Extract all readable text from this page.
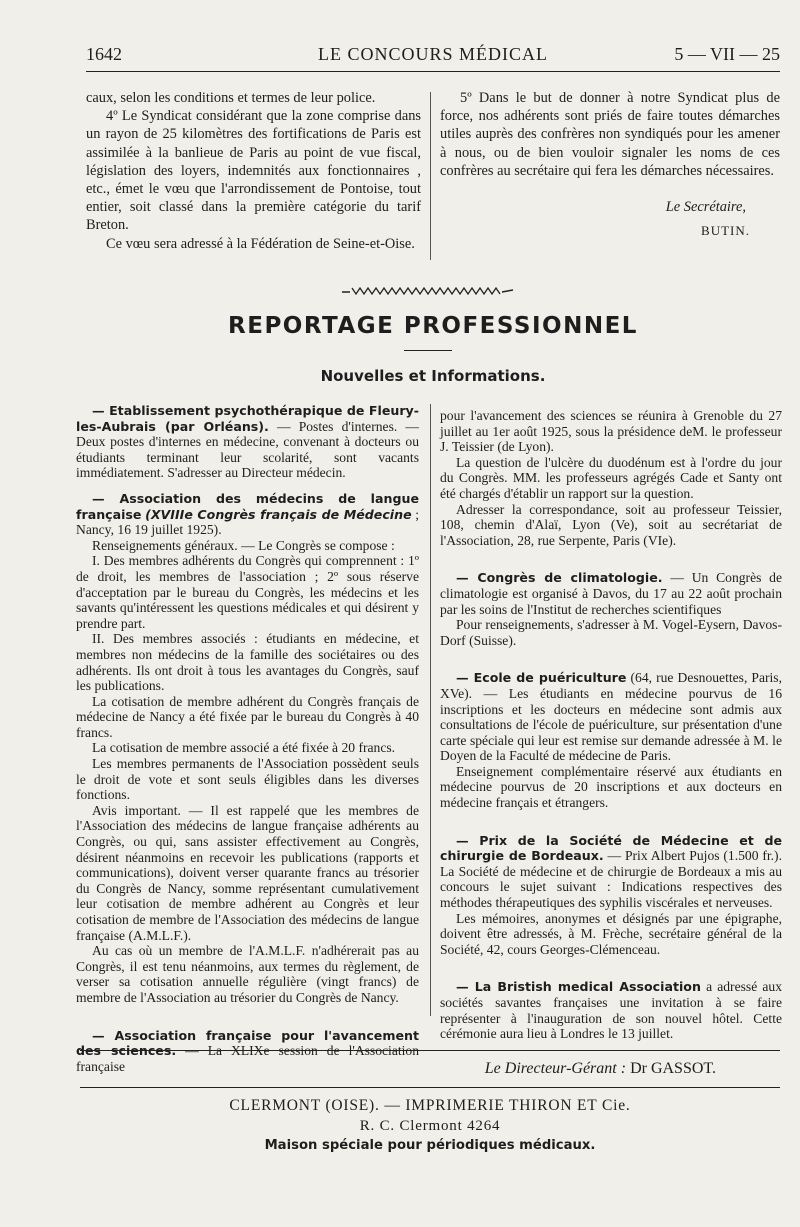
1642	LE CONCOURS MÉDICAL	5 — VII — 25

caux, selon les conditions et termes de leur police.

4º Le Syndicat considérant que la zone comprise dans un rayon de 25 kilomètres des fortifications de Paris est assimilée à la banlieue de Paris au point de vue fiscal, législation des loyers, indemnités aux fonctionnaires , etc., émet le vœu que l'arrondissement de Pontoise, tout entier, soit classé dans la première catégorie du tarif Breton.

Ce vœu sera adressé à la Fédération de Seine-et-Oise.

5º Dans le but de donner à notre Syndicat plus de force, nos adhérents sont priés de faire toutes démarches utiles auprès des confrères non syndiqués pour les amener à nous, ou de bien vouloir signaler les noms de ces confrères au secrétaire qui fera les démarches nécessaires.

Le Secrétaire,
BUTIN.
REPORTAGE PROFESSIONNEL
Nouvelles et Informations.

— Etablissement psychothérapique de Fleury-les-Aubrais (par Orléans). — Postes d'internes. — Deux postes d'internes en médecine, convenant à docteurs ou étudiants terminant leur scolarité, sont vacants immédiatement. S'adresser au Directeur médecin.

— Association des médecins de langue française (XVIIIe Congrès français de Médecine ; Nancy, 16 19 juillet 1925).

Renseignements généraux. — Le Congrès se compose :

I. Des membres adhérents du Congrès qui comprennent : 1º de droit, les membres de l'association ; 2º sous réserve d'acceptation par le bureau du Congrès, les médecins et les savants qu'intéressent les questions médicales et qui désirent y prendre part.

II. Des membres associés : étudiants en médecine, et membres non médecins de la famille des sociétaires ou des adhérents. Ils ont droit à tous les avantages du Congrès, sauf les publications.

La cotisation de membre adhérent du Congrès français de médecine de Nancy a été fixée par le bureau du Congrès à 40 francs.

La cotisation de membre associé a été fixée à 20 francs.

Les membres permanents de l'Association possèdent seuls le droit de vote et sont seuls éligibles dans les diverses fonctions.

Avis important. — Il est rappelé que les membres de l'Association des médecins de langue française adhérents au Congrès, ou qui, sans assister effectivement au Congrès, désirent néanmoins en recevoir les publications (rapports et communications), doivent verser quarante francs au trésorier du Congrès de Nancy, somme représentant cumulativement leur cotisation de membre adhérent au Congrès et leur cotisation de membre de l'Association des médecins de langue française (A.M.L.F.).

Au cas où un membre de l'A.M.L.F. n'adhérerait pas au Congrès, il est tenu néanmoins, aux termes du règlement, de verser sa cotisation annuelle régulière (vingt francs) de membre de l'Association au trésorier du Congrès de Nancy.

— Association française pour l'avancement des sciences. — La XLIXe session de l'Association française

pour l'avancement des sciences se réunira à Grenoble du 27 juillet au 1er août 1925, sous la présidence deM. le professeur J. Teissier (de Lyon).

La question de l'ulcère du duodénum est à l'ordre du jour du Congrès. MM. les professeurs agrégés Cade et Santy ont été chargés d'établir un rapport sur la question.

Adresser la correspondance, soit au professeur Teissier, 108, chemin d'Alaï, Lyon (Ve), soit au secrétariat de l'Association, 28, rue Serpente, Paris (VIe).

— Congrès de climatologie. — Un Congrès de climatologie est organisé à Davos, du 17 au 22 août prochain par les soins de l'Institut de recherches scientifiques

Pour renseignements, s'adresser à M. Vogel-Eysern, Davos-Dorf (Suisse).

— Ecole de puériculture (64, rue Desnouettes, Paris, XVe). — Les étudiants en médecine pourvus de 16 inscriptions et les docteurs en médecine sont admis aux consultations de l'école de puériculture, sur présentation d'une carte spéciale qui leur est remise sur demande adressée à M. le Doyen de la Faculté de médecine de Paris.

Enseignement complémentaire réservé aux étudiants en médecine pourvus de 20 inscriptions et aux docteurs en médecine français et étrangers.

— Prix de la Société de Médecine et de chirurgie de Bordeaux. — Prix Albert Pujos (1.500 fr.). La Société de médecine et de chirurgie de Bordeaux a mis au concours le sujet suivant : Indications respectives des méthodes thérapeutiques des syphilis viscérales et nerveuses.

Les mémoires, anonymes et désignés par une épigraphe, doivent être adressés, à M. Frèche, secrétaire général de la Société, 42, cours Georges-Clémenceau.

— La Bristish medical Association a adressé aux sociétés savantes françaises une invitation à se faire représenter à l'inauguration de son nouvel hôtel. Cette cérémonie aura lieu à Londres le 13 juillet.

Le Directeur-Gérant : Dr GASSOT.
CLERMONT (OISE). — IMPRIMERIE THIRON ET Cie.
R. C. Clermont 4264
Maison spéciale pour périodiques médicaux.
